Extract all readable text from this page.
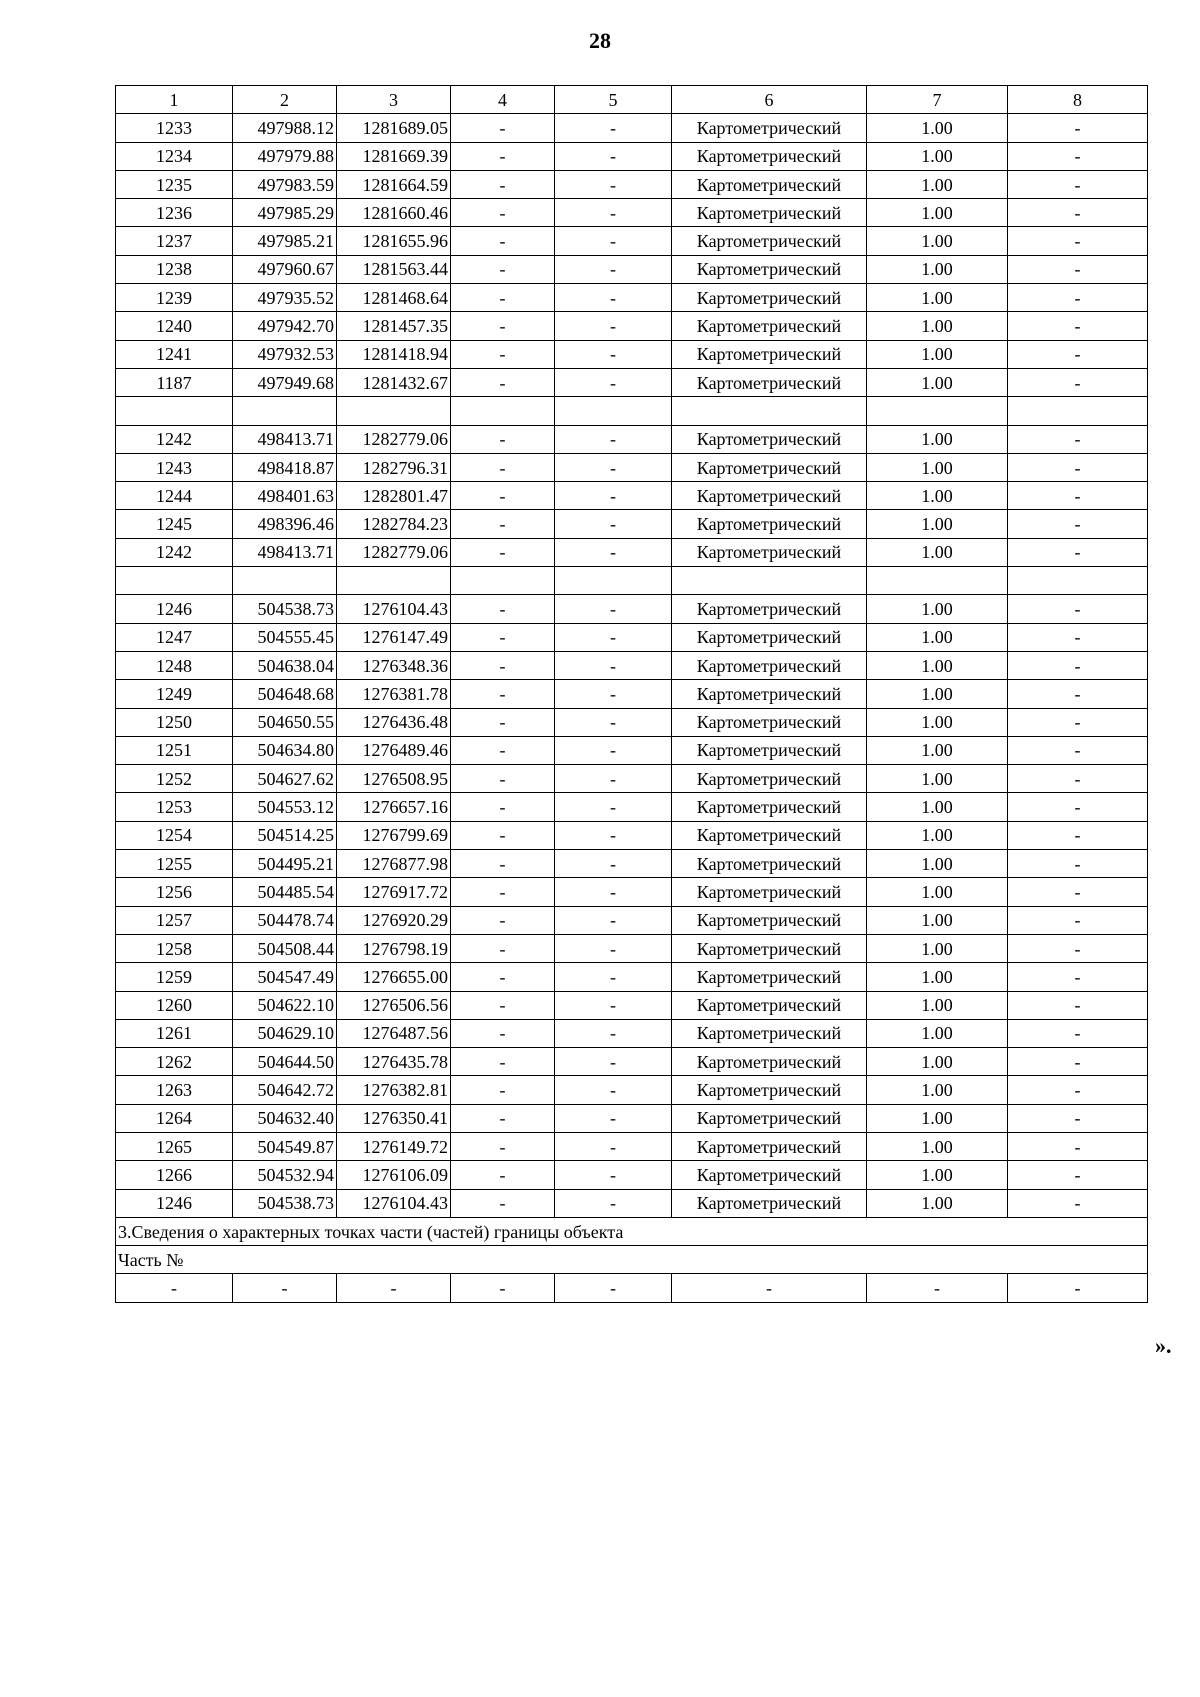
28
1	2	3	4	5	6	7	8
1233	497988.12	1281689.05	-	-	Картометрический	1.00	-
1234	497979.88	1281669.39	-	-	Картометрический	1.00	-
1235	497983.59	1281664.59	-	-	Картометрический	1.00	-
1236	497985.29	1281660.46	-	-	Картометрический	1.00	-
1237	497985.21	1281655.96	-	-	Картометрический	1.00	-
1238	497960.67	1281563.44	-	-	Картометрический	1.00	-
1239	497935.52	1281468.64	-	-	Картометрический	1.00	-
1240	497942.70	1281457.35	-	-	Картометрический	1.00	-
1241	497932.53	1281418.94	-	-	Картометрический	1.00	-
1187	497949.68	1281432.67	-	-	Картометрический	1.00	-

1242	498413.71	1282779.06	-	-	Картометрический	1.00	-
1243	498418.87	1282796.31	-	-	Картометрический	1.00	-
1244	498401.63	1282801.47	-	-	Картометрический	1.00	-
1245	498396.46	1282784.23	-	-	Картометрический	1.00	-
1242	498413.71	1282779.06	-	-	Картометрический	1.00	-

1246	504538.73	1276104.43	-	-	Картометрический	1.00	-
1247	504555.45	1276147.49	-	-	Картометрический	1.00	-
1248	504638.04	1276348.36	-	-	Картометрический	1.00	-
1249	504648.68	1276381.78	-	-	Картометрический	1.00	-
1250	504650.55	1276436.48	-	-	Картометрический	1.00	-
1251	504634.80	1276489.46	-	-	Картометрический	1.00	-
1252	504627.62	1276508.95	-	-	Картометрический	1.00	-
1253	504553.12	1276657.16	-	-	Картометрический	1.00	-
1254	504514.25	1276799.69	-	-	Картометрический	1.00	-
1255	504495.21	1276877.98	-	-	Картометрический	1.00	-
1256	504485.54	1276917.72	-	-	Картометрический	1.00	-
1257	504478.74	1276920.29	-	-	Картометрический	1.00	-
1258	504508.44	1276798.19	-	-	Картометрический	1.00	-
1259	504547.49	1276655.00	-	-	Картометрический	1.00	-
1260	504622.10	1276506.56	-	-	Картометрический	1.00	-
1261	504629.10	1276487.56	-	-	Картометрический	1.00	-
1262	504644.50	1276435.78	-	-	Картометрический	1.00	-
1263	504642.72	1276382.81	-	-	Картометрический	1.00	-
1264	504632.40	1276350.41	-	-	Картометрический	1.00	-
1265	504549.87	1276149.72	-	-	Картометрический	1.00	-
1266	504532.94	1276106.09	-	-	Картометрический	1.00	-
1246	504538.73	1276104.43	-	-	Картометрический	1.00	-
3.Сведения о характерных точках части (частей) границы объекта							
Часть №							
-	-	-	-	-	-	-	-
».
